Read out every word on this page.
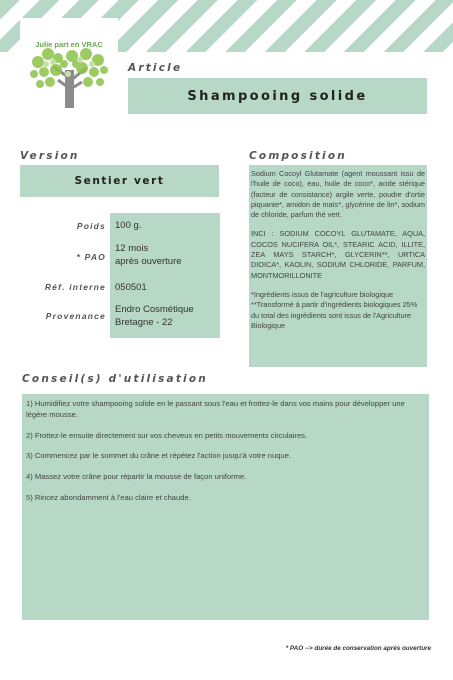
Julie part en VRAC
Article
Shampooing solide
Version
Sentier vert
Poids 100 g.
* PAO
12 mois
après ouverture
Réf. interne 050501
Provenance
Endro Cosmétique
Bretagne - 22
Composition

Sodium Cocoyl Glutamate (agent moussant issu de l'huile de coco), eau, huile de coco*, acide stérique (facteur de consistance) argile verte, poudre d'ortie piquante*, amidon de maïs*, glycérine de lin*, sodium de chloride, parfum thé vert.

INCI : SODIUM COCOYL GLUTAMATE, AQUA, COCOS NUCIFERA OIL*, STEARIC ACID, ILLITE, ZEA MAYS STARCH*, GLYCERIN**, URTICA DIOICA*, KAOLIN, SODIUM CHLORIDE, PARFUM, MONTMORILLONITE

*Ingrédients issus de l'agriculture biologique

**Transformé à partir d'ingrédients biologiques 25% du total des ingrédients sont issus de l'Agriculture Biologique

Conseil(s) d'utilisation

1) Humidifiez votre shampooing solide en le passant sous l'eau et frottez-le dans vos mains pour développer une légère mousse.

2) Frottez-le ensuite directement sur vos cheveux en petits mouvements circulaires.

3) Commencez par le sommet du crâne et répétez l'action jusqu'à votre nuque.

4) Massez votre crâne pour répartir la mousse de façon uniforme.

5) Rincez abondamment à l'eau claire et chaude.

* PAO --> durée de conservation après ouverture
